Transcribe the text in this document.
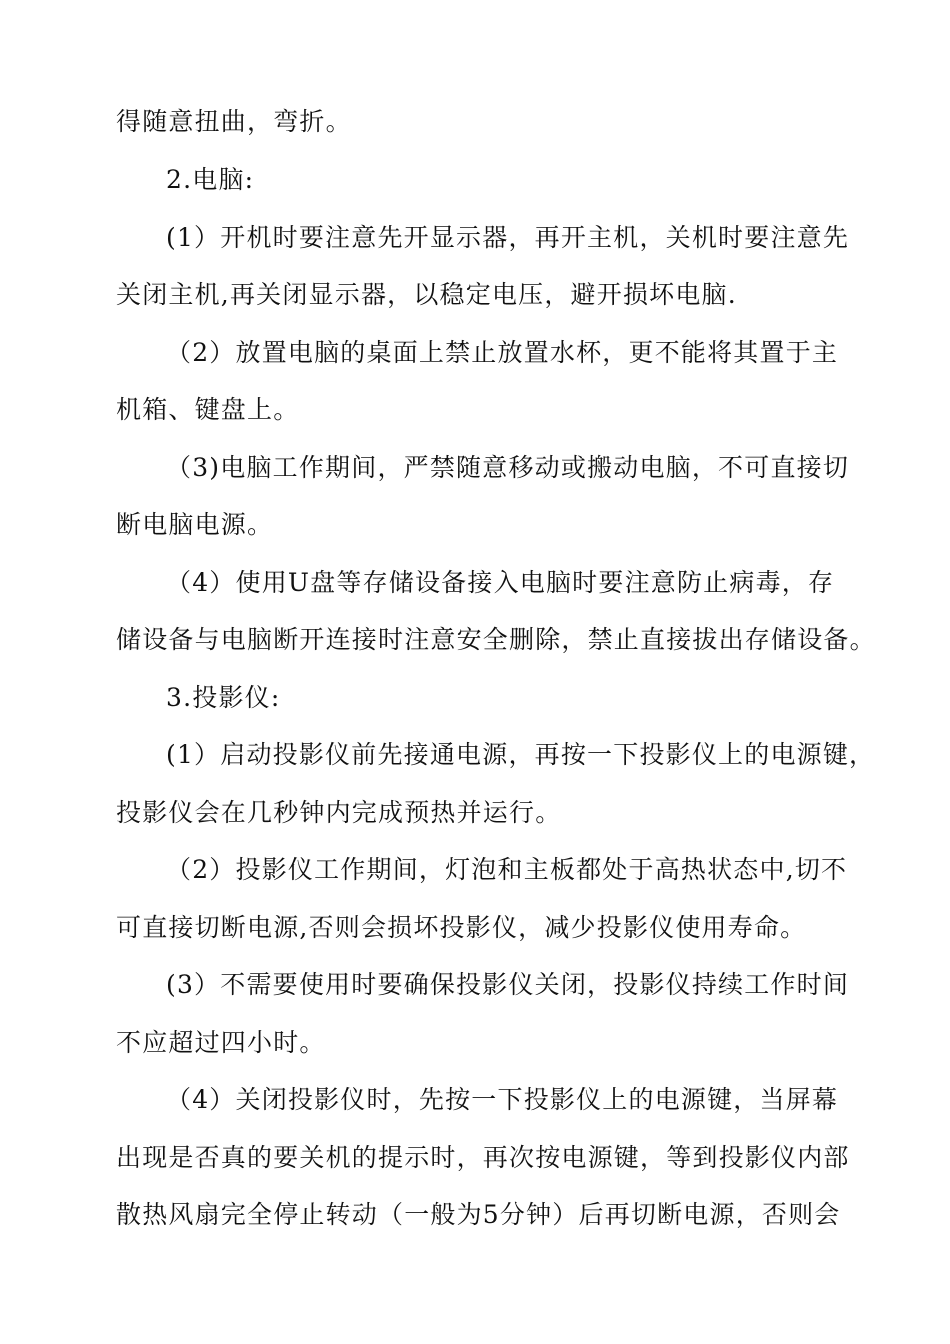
得随意扭曲，弯折。
2.电脑:
(1）开机时要注意先开显示器，再开主机，关机时要注意先
关闭主机,再关闭显示器，以稳定电压，避开损坏电脑.
（2）放置电脑的桌面上禁止放置水杯，更不能将其置于主
机箱、键盘上。
（3)电脑工作期间，严禁随意移动或搬动电脑，不可直接切
断电脑电源。
（4）使用U盘等存储设备接入电脑时要注意防止病毒，存
储设备与电脑断开连接时注意安全删除，禁止直接拔出存储设备。
3.投影仪:
(1）启动投影仪前先接通电源，再按一下投影仪上的电源键，
投影仪会在几秒钟内完成预热并运行。
（2）投影仪工作期间，灯泡和主板都处于高热状态中,切不
可直接切断电源,否则会损坏投影仪，减少投影仪使用寿命。
(3）不需要使用时要确保投影仪关闭，投影仪持续工作时间
不应超过四小时。
（4）关闭投影仪时，先按一下投影仪上的电源键，当屏幕
出现是否真的要关机的提示时，再次按电源键，等到投影仪内部
散热风扇完全停止转动（一般为5分钟）后再切断电源，否则会
